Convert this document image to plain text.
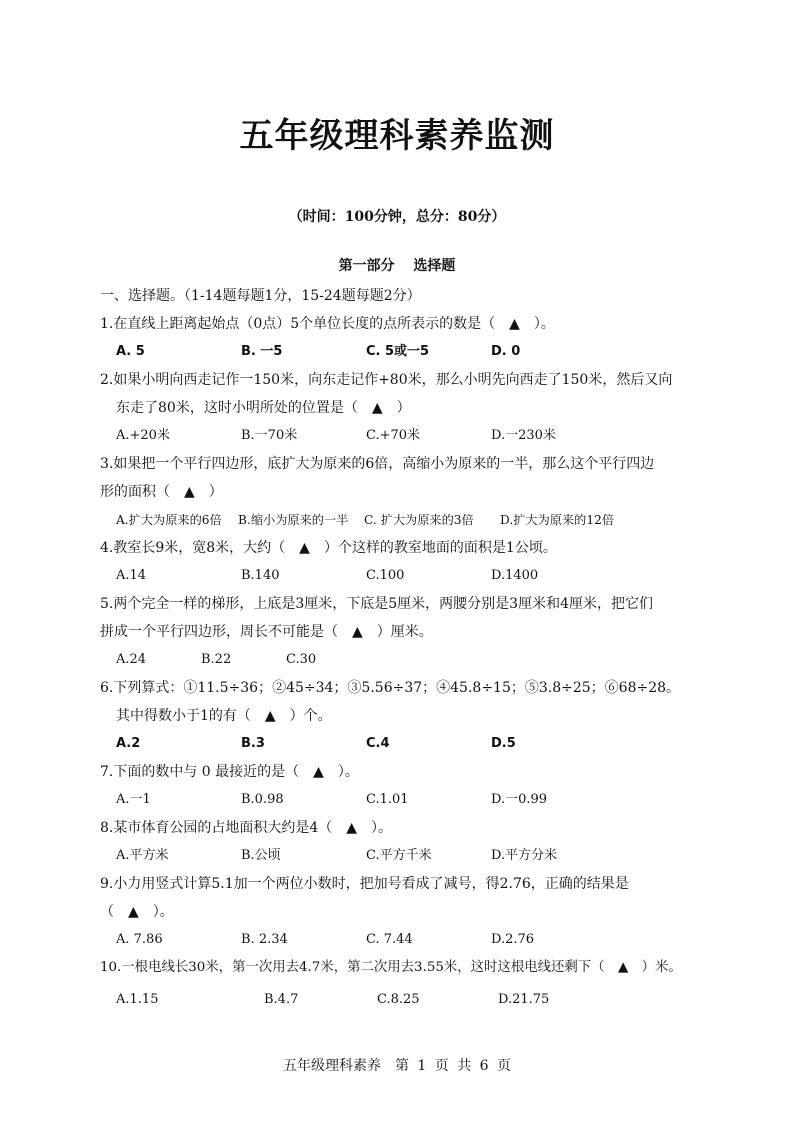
五年级理科素养监测
（时间：100分钟，总分：80分）
第一部分 选择题
一、选择题。（1-14题每题1分，15-24题每题2分）
1.在直线上距离起始点（0点）5个单位长度的点所表示的数是（　▲　）。
A. 5	B. 一5	C. 5或一5	D. 0
2.如果小明向西走记作一150米，向东走记作+80米，那么小明先向西走了150米，然后又向
东走了80米，这时小明所处的位置是（　▲　）
A.+20米	B.一70米	C.+70米	D.一230米
3.如果把一个平行四边形，底扩大为原来的6倍，高缩小为原来的一半，那么这个平行四边
形的面积（　▲　）
A.扩大为原来的6倍	B.缩小为原来的一半	C. 扩大为原来的3倍	D.扩大为原来的12倍
4.教室长9米，宽8米，大约（　▲　）个这样的教室地面的面积是1公顷。
A.14	B.140	C.100	D.1400
5.两个完全一样的梯形，上底是3厘米，下底是5厘米，两腰分别是3厘米和4厘米，把它们
拼成一个平行四边形，周长不可能是（　▲　）厘米。
A.24	B.22	C.30
6.下列算式：①11.5÷36；②45÷34；③5.56÷37；④45.8÷15；⑤3.8÷25；⑥68÷28。
其中得数小于1的有（　▲　）个。
A.2	B.3	C.4	D.5
7.下面的数中与 0 最接近的是（　▲　）。
A.一1	B.0.98	C.1.01	D.一0.99
8.某市体育公园的占地面积大约是4（　▲　）。
A.平方米	B.公顷	C.平方千米	D.平方分米
9.小力用竖式计算5.1加一个两位小数时，把加号看成了减号，得2.76，正确的结果是
（　▲　）。
A. 7.86	B. 2.34	C. 7.44	D.2.76
10.一根电线长30米，第一次用去4.7米，第二次用去3.55米，这时这根电线还剩下（　▲　）米。
A.1.15	B.4.7	C.8.25	D.21.75
五年级理科素养　第 1 页 共 6 页
